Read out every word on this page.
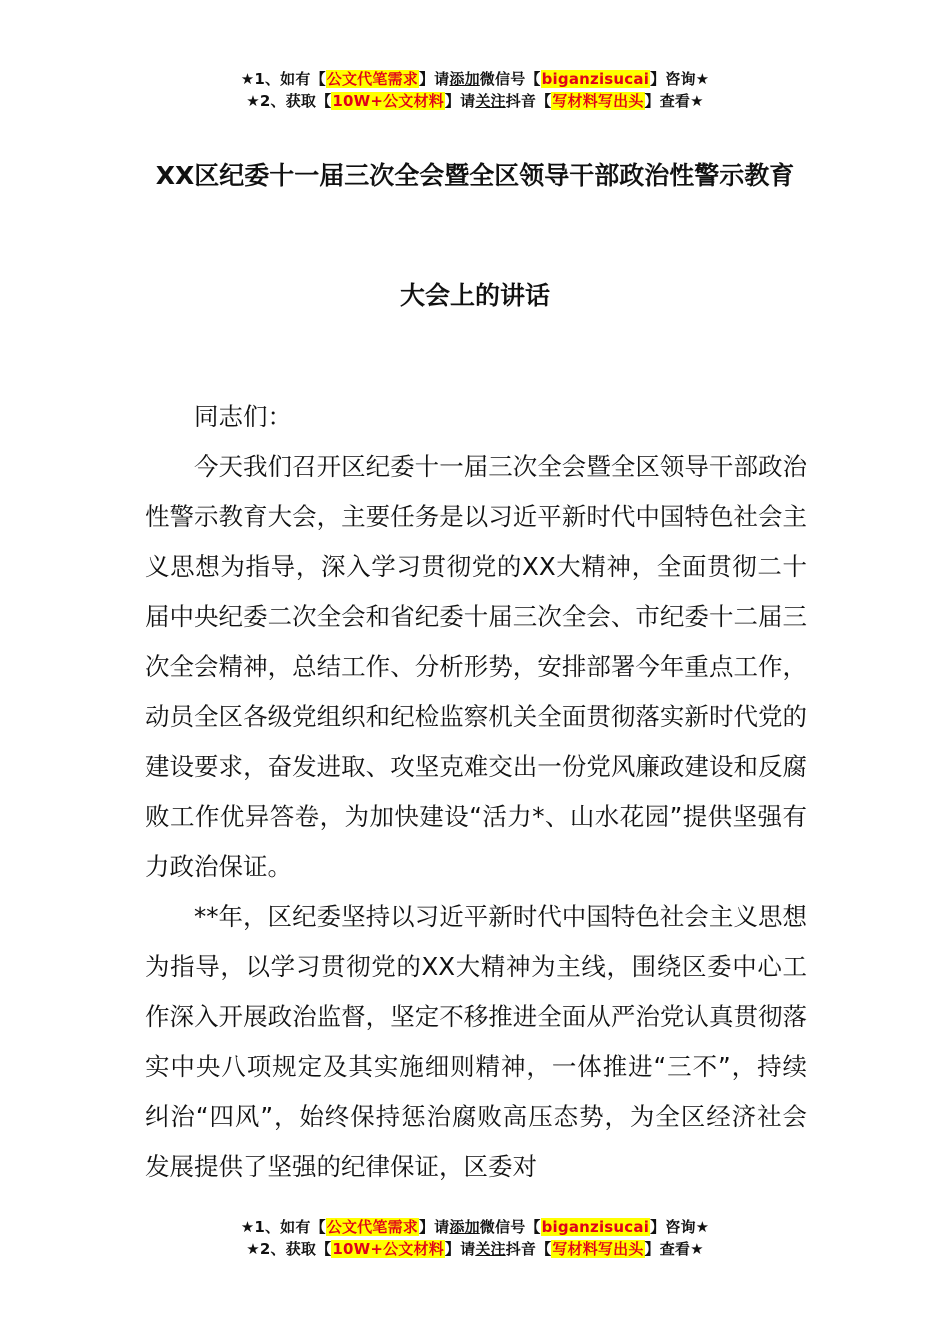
★1、如有【公文代笔需求】请添加微信号【biganzisucai】咨询★
★2、获取【10W+公文材料】请关注抖音【写材料写出头】查看★
XX区纪委十一届三次全会暨全区领导干部政治性警示教育
大会上的讲话

同志们：

今天我们召开区纪委十一届三次全会暨全区领导干部政治性警示教育大会，主要任务是以习近平新时代中国特色社会主义思想为指导，深入学习贯彻党的XX大精神，全面贯彻二十届中央纪委二次全会和省纪委十届三次全会、市纪委十二届三次全会精神，总结工作、分析形势，安排部署今年重点工作，动员全区各级党组织和纪检监察机关全面贯彻落实新时代党的建设要求，奋发进取、攻坚克难交出一份党风廉政建设和反腐败工作优异答卷，为加快建设“活力*、山水花园”提供坚强有力政治保证。

**年，区纪委坚持以习近平新时代中国特色社会主义思想为指导，以学习贯彻党的XX大精神为主线，围绕区委中心工作深入开展政治监督，坚定不移推进全面从严治党认真贯彻落实中央八项规定及其实施细则精神，一体推进“三不”，持续纠治“四风”，始终保持惩治腐败高压态势，为全区经济社会发展提供了坚强的纪律保证，区委对

★1、如有【公文代笔需求】请添加微信号【biganzisucai】咨询★
★2、获取【10W+公文材料】请关注抖音【写材料写出头】查看★
